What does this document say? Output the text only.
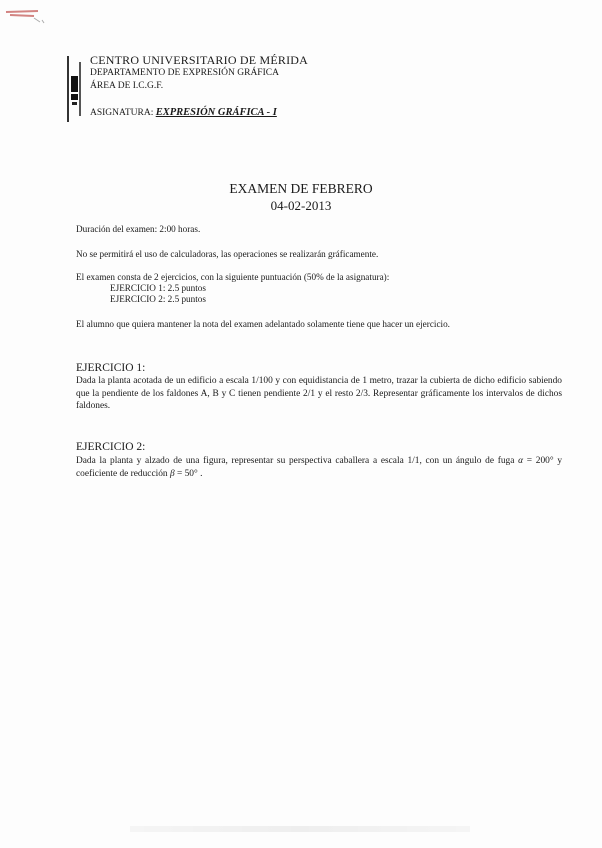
CENTRO UNIVERSITARIO DE MÉRIDA
DEPARTAMENTO DE EXPRESIÓN GRÁFICA
ÁREA DE I.C.G.F.
ASIGNATURA: EXPRESIÓN GRÁFICA - I
EXAMEN DE FEBRERO
04-02-2013
Duración del examen: 2:00 horas.
No se permitirá el uso de calculadoras, las operaciones se realizarán gráficamente.
El examen consta de 2 ejercicios, con la siguiente puntuación (50% de la asignatura):
EJERCICIO 1: 2.5 puntos
EJERCICIO 2: 2.5 puntos
El alumno que quiera mantener la nota del examen adelantado solamente tiene que hacer un ejercicio.
EJERCICIO 1:
Dada la planta acotada de un edificio a escala 1/100 y con equidistancia de 1 metro, trazar la cubierta de dicho edificio sabiendo que la pendiente de los faldones A, B y C tienen pendiente 2/1 y el resto 2/3. Representar gráficamente los intervalos de dichos faldones.
EJERCICIO 2:
Dada la planta y alzado de una figura, representar su perspectiva caballera a escala 1/1, con un ángulo de fuga α = 200° y coeficiente de reducción β = 50° .
